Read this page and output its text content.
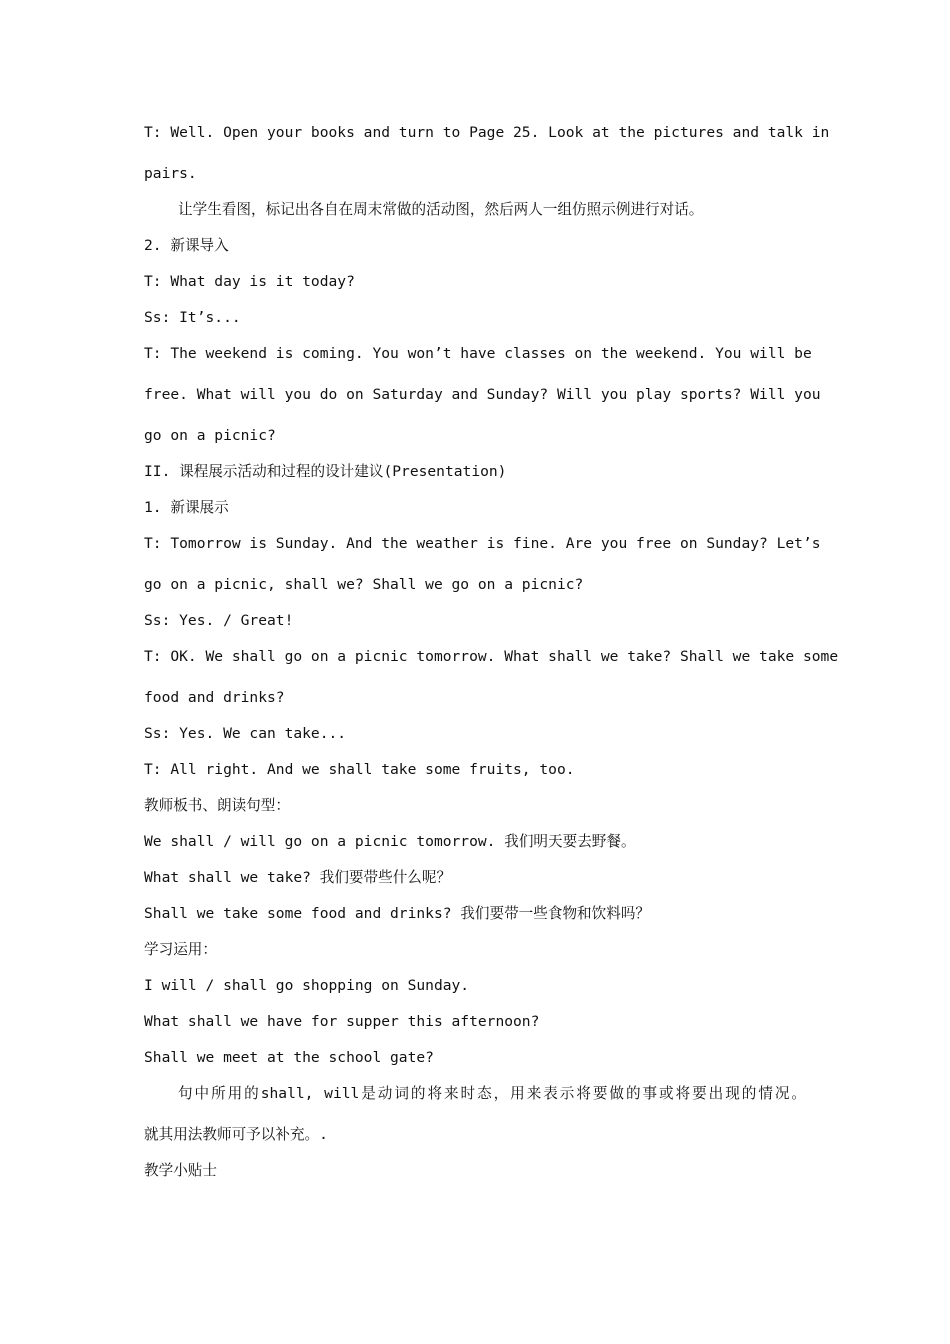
T: Well. Open your books and turn to Page 25. Look at the pictures and talk in
pairs.
让学生看图，标记出各自在周末常做的活动图，然后两人一组仿照示例进行对话。
2. 新课导入
T: What day is it today?
Ss: It’s...
T: The weekend is coming. You won’t have classes on the weekend. You will be
free. What will you do on Saturday and Sunday? Will you play sports? Will you
go on a picnic?
II. 课程展示活动和过程的设计建议(Presentation)
1. 新课展示
T: Tomorrow is Sunday. And the weather is fine. Are you free on Sunday? Let’s
go on a picnic, shall we? Shall we go on a picnic?
Ss: Yes. / Great!
T: OK. We shall go on a picnic tomorrow. What shall we take? Shall we take some
food and drinks?
Ss: Yes. We can take...
T: All right. And we shall take some fruits, too.
教师板书、朗读句型：
We shall / will go on a picnic tomorrow. 我们明天要去野餐。
What shall we take? 我们要带些什么呢？
Shall we take some food and drinks? 我们要带一些食物和饮料吗？
学习运用：
I will / shall go shopping on Sunday.
What shall we have for supper this afternoon?
Shall we meet at the school gate?
句中所用的shall, will是动词的将来时态，用来表示将要做的事或将要出现的情况。
就其用法教师可予以补充。.
教学小贴士
